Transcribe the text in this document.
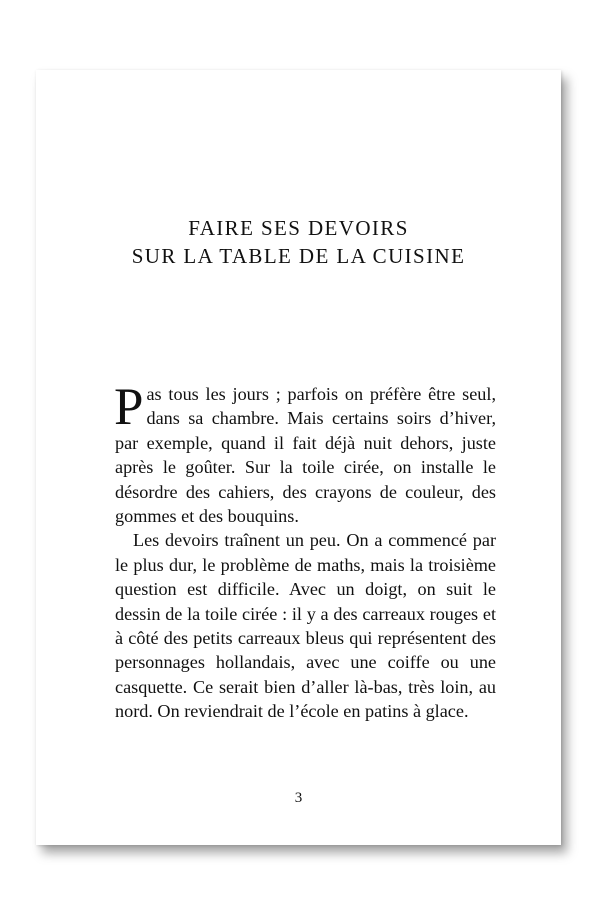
FAIRE SES DEVOIRS
SUR LA TABLE DE LA CUISINE

Pas tous les jours ; parfois on préfère être seul, dans sa chambre. Mais certains soirs d’hiver, par exemple, quand il fait déjà nuit dehors, juste après le goûter. Sur la toile cirée, on installe le désordre des cahiers, des crayons de couleur, des gommes et des bouquins.

Les devoirs traînent un peu. On a commencé par le plus dur, le problème de maths, mais la troisième question est difficile. Avec un doigt, on suit le dessin de la toile cirée : il y a des carreaux rouges et à côté des petits carreaux bleus qui représentent des personnages hollandais, avec une coiffe ou une casquette. Ce serait bien d’aller là-bas, très loin, au nord. On reviendrait de l’école en patins à glace.

3
